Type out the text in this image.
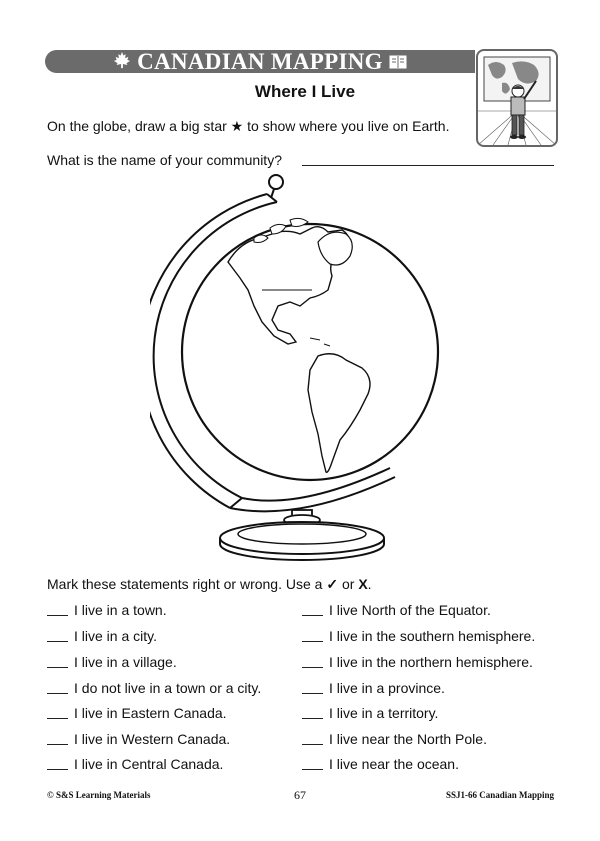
CANADIAN MAPPING
Where I Live
On the globe, draw a big star ★ to show where you live on Earth.
What is the name of your community?
Mark these statements right or wrong. Use a ✓ or X.
I live in a town.
I live in a city.
I live in a village.
I do not live in a town or a city.
I live in Eastern Canada.
I live in Western Canada.
I live in Central Canada.
I live North of the Equator.
I live in the southern hemisphere.
I live in the northern hemisphere.
I live in a province.
I live in a territory.
I live near the North Pole.
I live near the ocean.
© S&S Learning Materials	67	SSJ1-66 Canadian Mapping
